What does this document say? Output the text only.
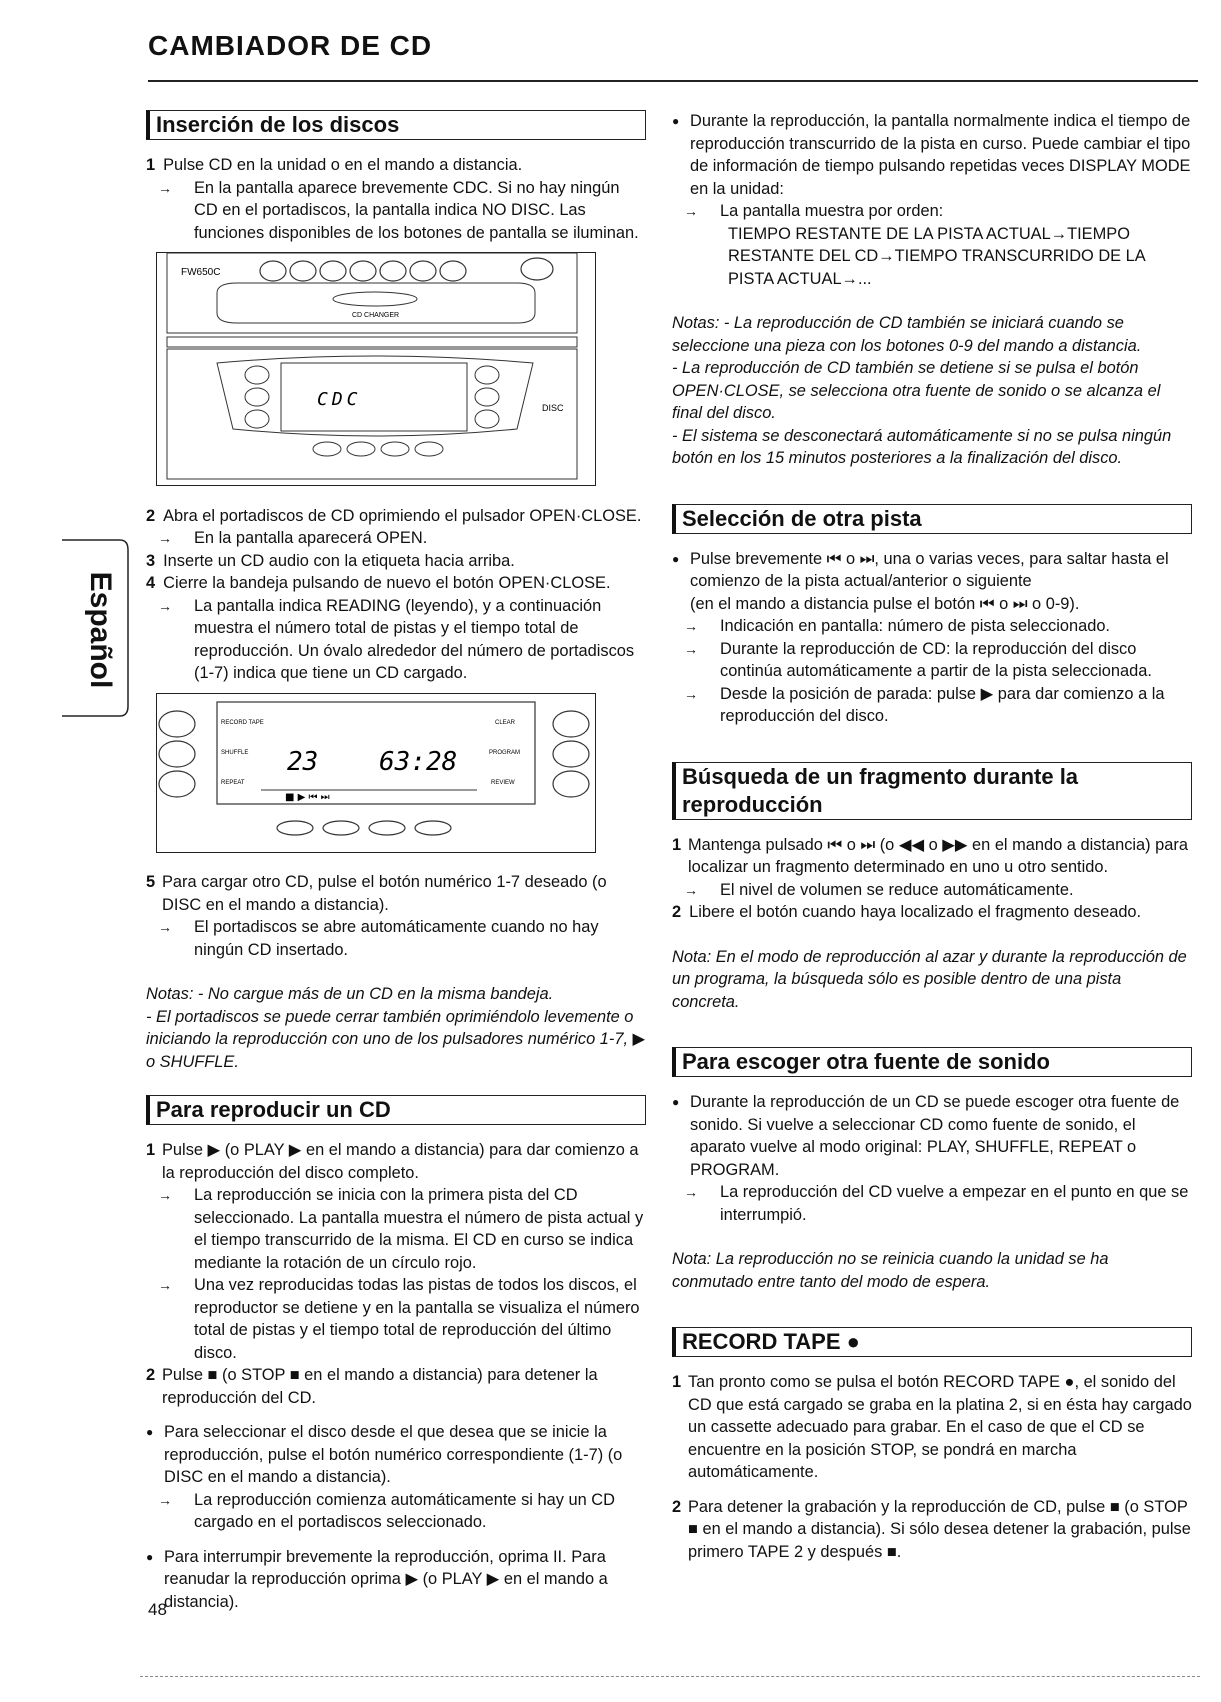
CAMBIADOR DE CD
Español
Inserción de los discos
1 Pulse CD en la unidad o en el mando a distancia.
→	En la pantalla aparece brevemente CDC. Si no hay ningún CD en el portadiscos, la pantalla indica NO DISC. Las funciones disponibles de los botones de pantalla se iluminan.
FW650C
CD CHANGER
CDC	DISC
2 Abra el portadiscos de CD oprimiendo el pulsador OPEN·CLOSE.
→	En la pantalla aparecerá OPEN.
3 Inserte un CD audio con la etiqueta hacia arriba.
4 Cierre la bandeja pulsando de nuevo el botón OPEN·CLOSE.
→	La pantalla indica READING (leyendo), y a continuación muestra el número total de pistas y el tiempo total de reproducción. Un óvalo alrededor del número de portadiscos (1-7) indica que tiene un CD cargado.
RECORD TAPE
SHUFFLE
REPEAT
CLEAR
PROGRAM
REVIEW
23 63:28
■ ▶ ⏮ ⏭
5 Para cargar otro CD, pulse el botón numérico 1-7 deseado (o DISC en el mando a distancia).
→	El portadiscos se abre automáticamente cuando no hay ningún CD insertado.

Notas: - No cargue más de un CD en la misma bandeja.

- El portadiscos se puede cerrar también oprimiéndolo levemente o iniciando la reproducción con uno de los pulsadores numérico 1-7, ▶ o SHUFFLE.

Para reproducir un CD
1 Pulse ▶ (o PLAY ▶ en el mando a distancia) para dar comienzo a la reproducción del disco completo.
→	La reproducción se inicia con la primera pista del CD seleccionado. La pantalla muestra el número de pista actual y el tiempo transcurrido de la misma. El CD en curso se indica mediante la rotación de un círculo rojo.
→	Una vez reproducidas todas las pistas de todos los discos, el reproductor se detiene y en la pantalla se visualiza el número total de pistas y el tiempo total de reproducción del último disco.
2 Pulse ■ (o STOP ■ en el mando a distancia) para detener la reproducción del CD.
● Para seleccionar el disco desde el que desea que se inicie la reproducción, pulse el botón numérico correspondiente (1-7) (o DISC en el mando a distancia).
→	La reproducción comienza automáticamente si hay un CD cargado en el portadiscos seleccionado.
● Para interrumpir brevemente la reproducción, oprima II. Para reanudar la reproducción oprima ▶ (o PLAY ▶ en el mando a distancia).
● Durante la reproducción, la pantalla normalmente indica el tiempo de reproducción transcurrido de la pista en curso. Puede cambiar el tipo de información de tiempo pulsando repetidas veces DISPLAY MODE en la unidad:
→	La pantalla muestra por orden:

TIEMPO RESTANTE DE LA PISTA ACTUAL→TIEMPO RESTANTE DEL CD→TIEMPO TRANSCURRIDO DE LA PISTA ACTUAL→...

Notas: - La reproducción de CD también se iniciará cuando se seleccione una pieza con los botones 0-9 del mando a distancia.

- La reproducción de CD también se detiene si se pulsa el botón OPEN·CLOSE, se selecciona otra fuente de sonido o se alcanza el final del disco.

- El sistema se desconectará automáticamente si no se pulsa ningún botón en los 15 minutos posteriores a la finalización del disco.

Selección de otra pista
● Pulse brevemente ⏮ o ⏭, una o varias veces, para saltar hasta el comienzo de la pista actual/anterior o siguiente

(en el mando a distancia pulse el botón ⏮ o ⏭ o 0-9).

→	Indicación en pantalla: número de pista seleccionado.
→	Durante la reproducción de CD: la reproducción del disco continúa automáticamente a partir de la pista seleccionada.
→	Desde la posición de parada: pulse ▶ para dar comienzo a la reproducción del disco.
Búsqueda de un fragmento durante la reproducción
1 Mantenga pulsado ⏮ o ⏭ (o ◀◀ o ▶▶ en el mando a distancia) para localizar un fragmento determinado en uno u otro sentido.
→	El nivel de volumen se reduce automáticamente.
2 Libere el botón cuando haya localizado el fragmento deseado.

Nota: En el modo de reproducción al azar y durante la reproducción de un programa, la búsqueda sólo es posible dentro de una pista concreta.

Para escoger otra fuente de sonido
● Durante la reproducción de un CD se puede escoger otra fuente de sonido. Si vuelve a seleccionar CD como fuente de sonido, el aparato vuelve al modo original: PLAY, SHUFFLE, REPEAT o PROGRAM.
→	La reproducción del CD vuelve a empezar en el punto en que se interrumpió.

Nota: La reproducción no se reinicia cuando la unidad se ha conmutado entre tanto del modo de espera.

RECORD TAPE ●
1 Tan pronto como se pulsa el botón RECORD TAPE ●, el sonido del CD que está cargado se graba en la platina 2, si en ésta hay cargado un cassette adecuado para grabar. En el caso de que el CD se encuentre en la posición STOP, se pondrá en marcha automáticamente.
2 Para detener la grabación y la reproducción de CD, pulse ■ (o STOP ■ en el mando a distancia). Si sólo desea detener la grabación, pulse primero TAPE 2 y después ■.
48
